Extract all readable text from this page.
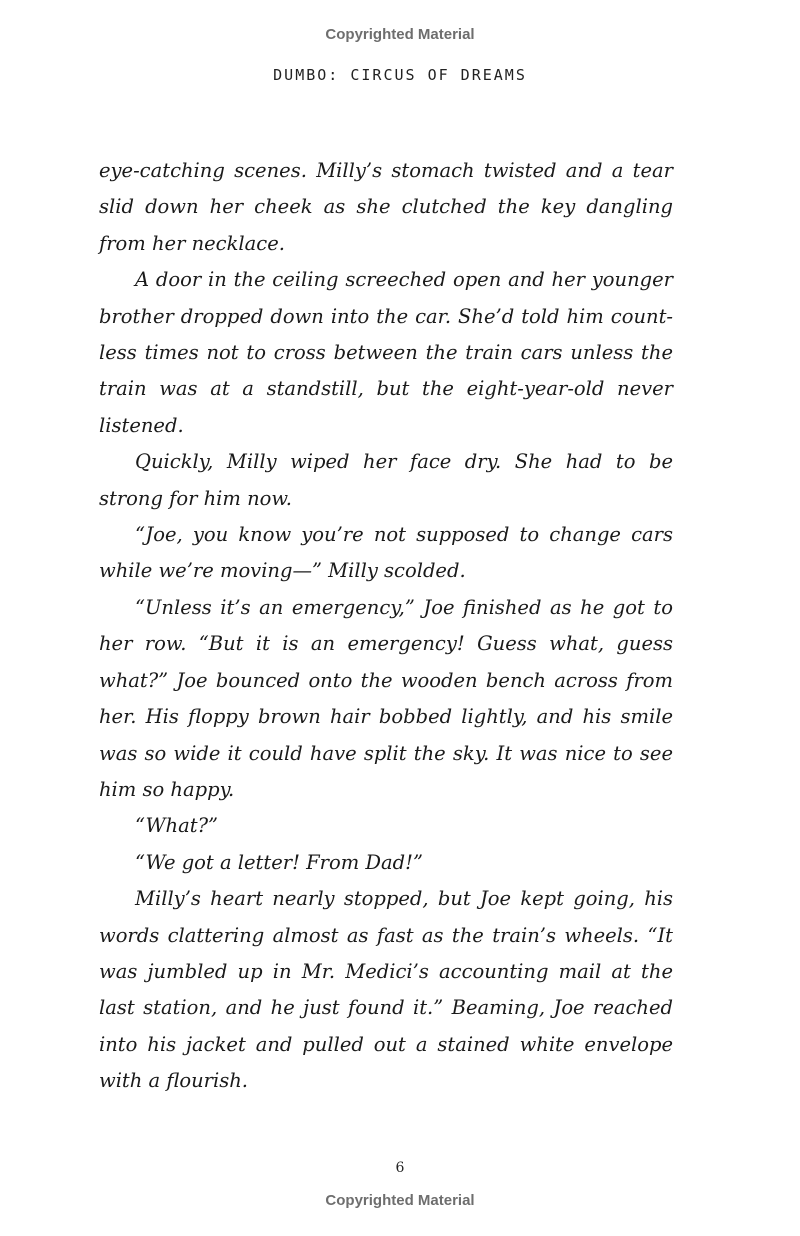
Copyrighted Material
DUMBO: CIRCUS OF DREAMS

eye-catching scenes. Milly’s stomach twisted and a tear slid down her cheek as she clutched the key dangling from her necklace.

A door in the ceiling screeched open and her younger brother dropped down into the car. She’d told him count-less times not to cross between the train cars unless the train was at a standstill, but the eight-year-old never listened.

Quickly, Milly wiped her face dry. She had to be strong for him now.

“Joe, you know you’re not supposed to change cars while we’re moving—” Milly scolded.

“Unless it’s an emergency,” Joe finished as he got to her row. “But it is an emergency! Guess what, guess what?” Joe bounced onto the wooden bench across from her. His floppy brown hair bobbed lightly, and his smile was so wide it could have split the sky. It was nice to see him so happy.

“What?”

“We got a letter! From Dad!”

Milly’s heart nearly stopped, but Joe kept going, his words clattering almost as fast as the train’s wheels. “It was jumbled up in Mr. Medici’s accounting mail at the last station, and he just found it.” Beaming, Joe reached into his jacket and pulled out a stained white envelope with a flourish.

6
Copyrighted Material
